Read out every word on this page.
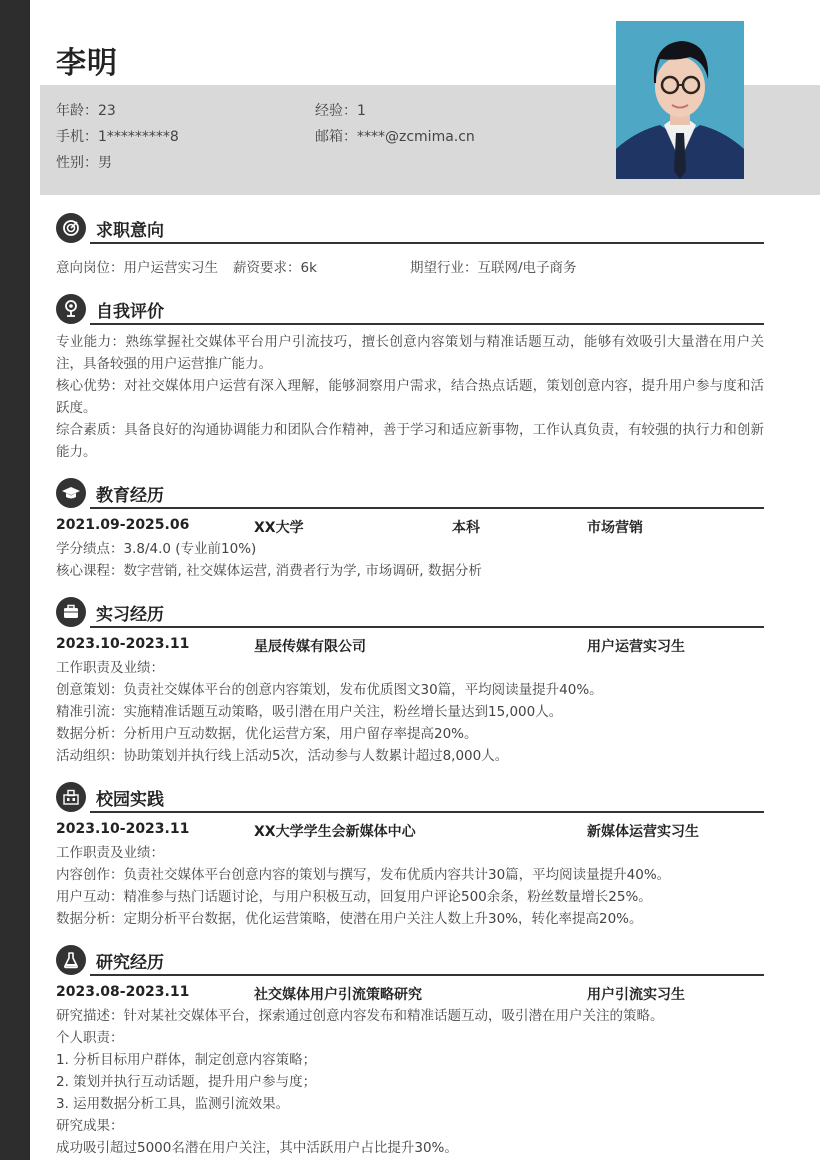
李明
年龄：23	经验：1
手机：1*********8	邮箱：****@zcmima.cn
性别：男
求职意向
意向岗位：用户运营实习生 薪资要求：6k	期望行业：互联网/电子商务
自我评价
专业能力：熟练掌握社交媒体平台用户引流技巧，擅长创意内容策划与精准话题互动，能够有效吸引大量潜在用户关注，具备较强的用户运营推广能力。
核心优势：对社交媒体用户运营有深入理解，能够洞察用户需求，结合热点话题，策划创意内容，提升用户参与度和活跃度。
综合素质：具备良好的沟通协调能力和团队合作精神，善于学习和适应新事物，工作认真负责，有较强的执行力和创新能力。
教育经历
2021.09-2025.06	XX大学	本科	市场营销
学分绩点：3.8/4.0 (专业前10%)
核心课程：数字营销, 社交媒体运营, 消费者行为学, 市场调研, 数据分析
实习经历
2023.10-2023.11	星辰传媒有限公司	用户运营实习生
工作职责及业绩：
创意策划：负责社交媒体平台的创意内容策划，发布优质图文30篇，平均阅读量提升40%。
精准引流：实施精准话题互动策略，吸引潜在用户关注，粉丝增长量达到15,000人。
数据分析：分析用户互动数据，优化运营方案，用户留存率提高20%。
活动组织：协助策划并执行线上活动5次，活动参与人数累计超过8,000人。
校园实践
2023.10-2023.11	XX大学学生会新媒体中心	新媒体运营实习生
工作职责及业绩：
内容创作：负责社交媒体平台创意内容的策划与撰写，发布优质内容共计30篇，平均阅读量提升40%。
用户互动：精准参与热门话题讨论，与用户积极互动，回复用户评论500余条，粉丝数量增长25%。
数据分析：定期分析平台数据，优化运营策略，使潜在用户关注人数上升30%，转化率提高20%。
研究经历
2023.08-2023.11	社交媒体用户引流策略研究	用户引流实习生
研究描述：针对某社交媒体平台，探索通过创意内容发布和精准话题互动，吸引潜在用户关注的策略。
个人职责：
1. 分析目标用户群体，制定创意内容策略；
2. 策划并执行互动话题，提升用户参与度；
3. 运用数据分析工具，监测引流效果。
研究成果：
成功吸引超过5000名潜在用户关注，其中活跃用户占比提升30%。
